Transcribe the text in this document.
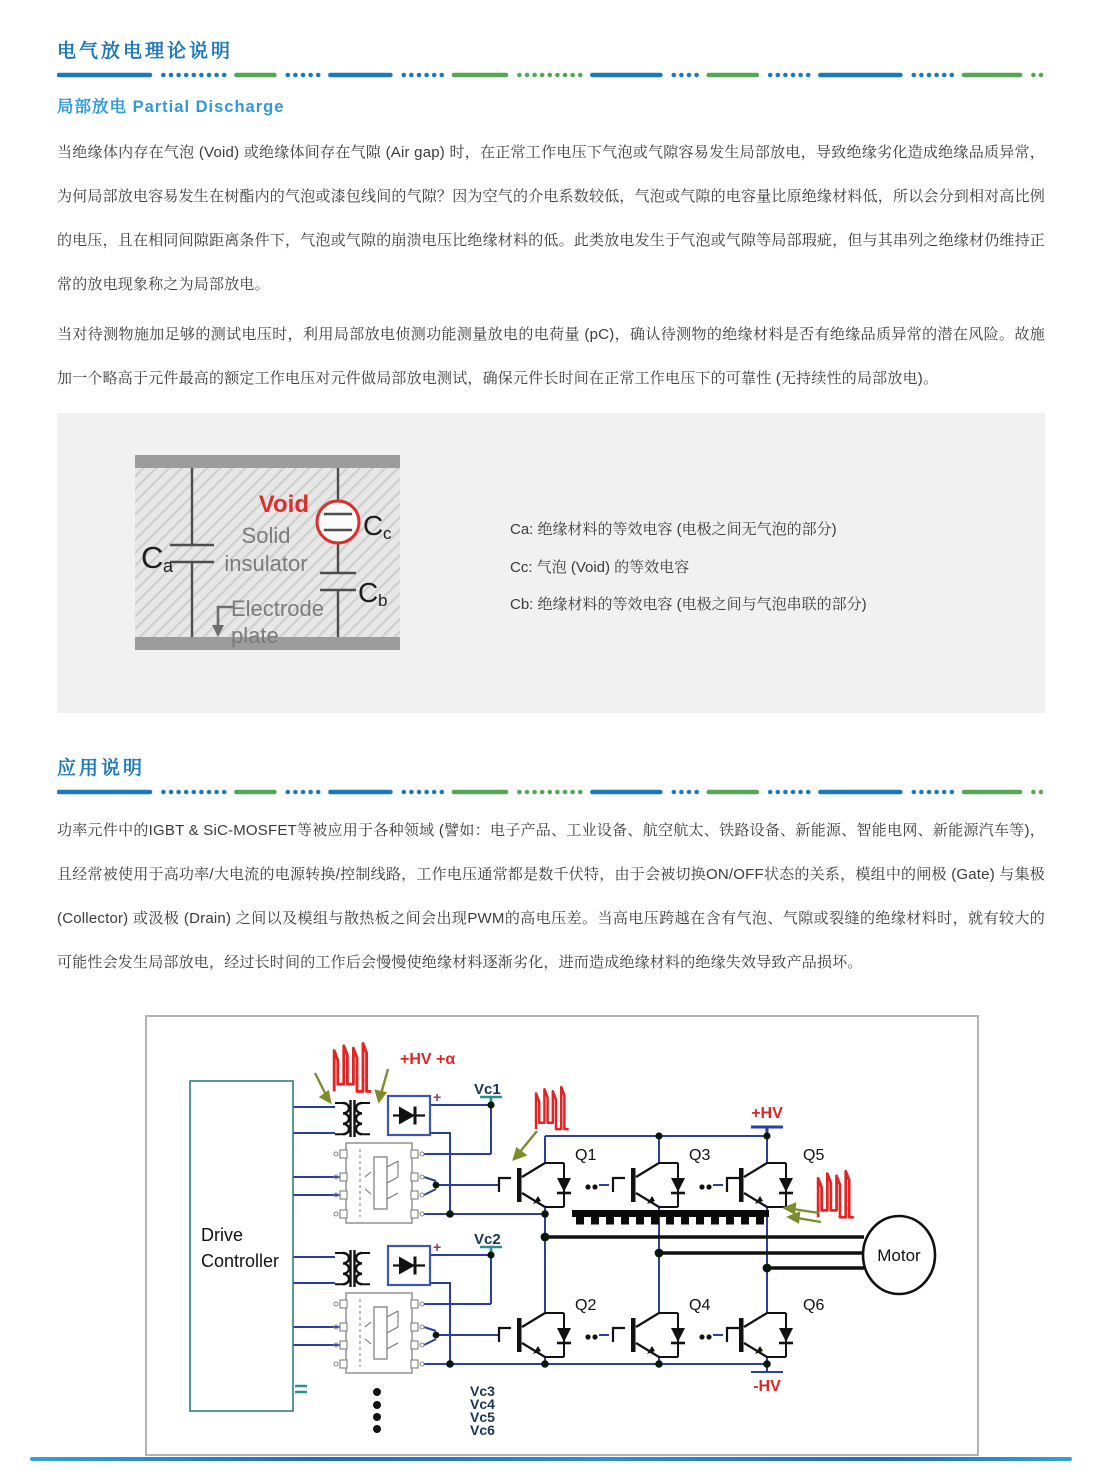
电气放电理论说明
局部放电 Partial Discharge

当绝缘体内存在气泡 (Void) 或绝缘体间存在气隙 (Air gap) 时，在正常工作电压下气泡或气隙容易发生局部放电，导致绝缘劣化造成绝缘品质异常，为何局部放电容易发生在树酯内的气泡或漆包线间的气隙？因为空气的介电系数较低，气泡或气隙的电容量比原绝缘材料低，所以会分到相对高比例的电压，且在相同间隙距离条件下，气泡或气隙的崩溃电压比绝缘材料的低。此类放电发生于气泡或气隙等局部瑕疵，但与其串列之绝缘材仍维持正常的放电现象称之为局部放电。

当对待测物施加足够的测试电压时，利用局部放电侦测功能测量放电的电荷量 (pC)，确认待测物的绝缘材料是否有绝缘品质异常的潜在风险。故施加一个略高于元件最高的额定工作电压对元件做局部放电测试，确保元件长时间在正常工作电压下的可靠性 (无持续性的局部放电)。

C a
Solid
insulator
Electrode
plate
Void
C c
C b
Ca: 绝缘材料的等效电容 (电极之间无气泡的部分)
Cc: 气泡 (Void) 的等效电容
Cb: 绝缘材料的等效电容 (电极之间与气泡串联的部分)
应用说明

功率元件中的IGBT & SiC-MOSFET等被应用于各种领域 (譬如：电子产品、工业设备、航空航太、铁路设备、新能源、智能电网、新能源汽车等)，且经常被使用于高功率/大电流的电源转换/控制线路，工作电压通常都是数千伏特，由于会被切换ON/OFF状态的关系，模组中的闸极 (Gate) 与集极 (Collector) 或汲极 (Drain) 之间以及模组与散热板之间会出现PWM的高电压差。当高电压跨越在含有气泡、气隙或裂缝的绝缘材料时，就有较大的可能性会发生局部放电，经过长时间的工作后会慢慢使绝缘材料逐渐劣化，进而造成绝缘材料的绝缘失效导致产品损坏。

Drive
Controller
+
+	Motor
+HV +α
+HV
-HV
Vc1
Vc2
Vc3
Vc4
Vc5
Vc6
Q1
Q2
Q3
Q4
Q5
Q6
